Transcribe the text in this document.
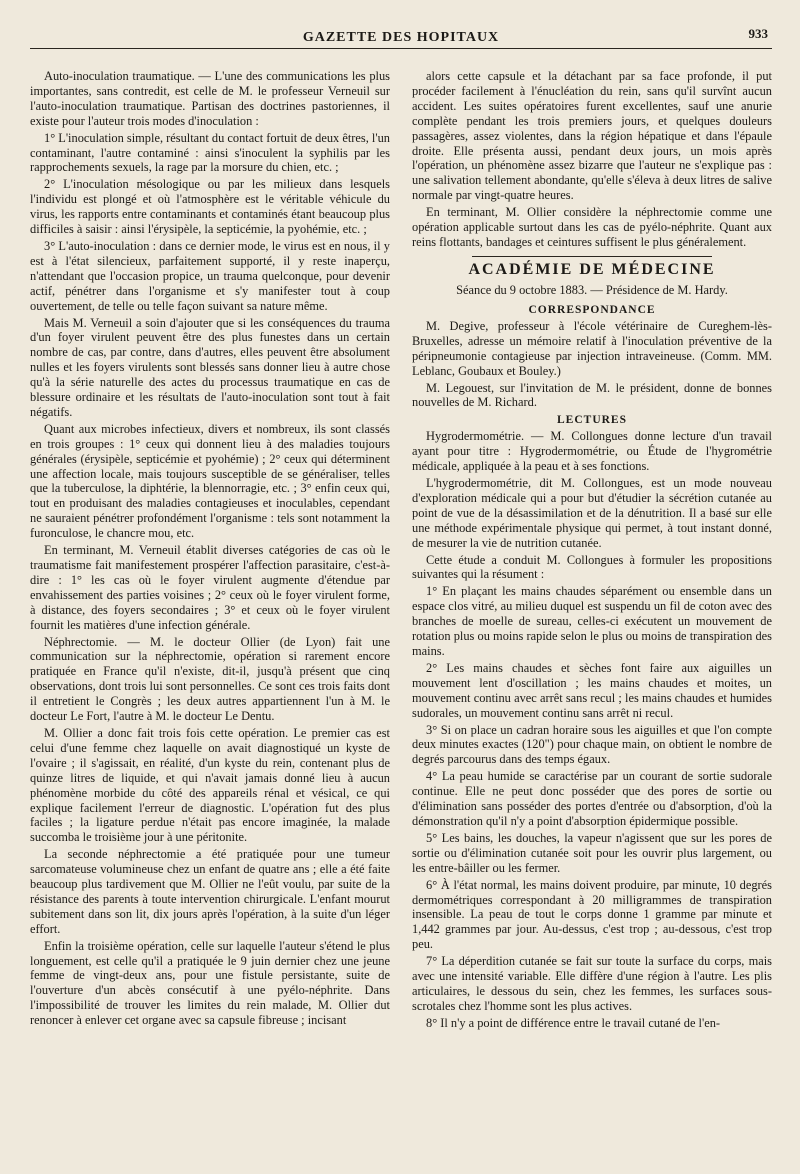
GAZETTE DES HOPITAUX	933

Auto-inoculation traumatique. — L'une des communications les plus importantes, sans contredit, est celle de M. le professeur Verneuil sur l'auto-inoculation traumatique. Partisan des doctrines pastoriennes, il existe pour l'auteur trois modes d'inoculation :

1° L'inoculation simple, résultant du contact fortuit de deux êtres, l'un contaminant, l'autre contaminé : ainsi s'inoculent la syphilis par les rapprochements sexuels, la rage par la morsure du chien, etc. ;

2° L'inoculation mésologique ou par les milieux dans lesquels l'individu est plongé et où l'atmosphère est le véritable véhicule du virus, les rapports entre contaminants et contaminés étant beaucoup plus difficiles à saisir : ainsi l'érysipèle, la septicémie, la pyohémie, etc. ;

3° L'auto-inoculation : dans ce dernier mode, le virus est en nous, il y est à l'état silencieux, parfaitement supporté, il y reste inaperçu, n'attendant que l'occasion propice, un trauma quelconque, pour devenir actif, pénétrer dans l'organisme et s'y manifester tout à coup ouvertement, de telle ou telle façon suivant sa nature même.

Mais M. Verneuil a soin d'ajouter que si les conséquences du trauma d'un foyer virulent peuvent être des plus funestes dans un certain nombre de cas, par contre, dans d'autres, elles peuvent être absolument nulles et les foyers virulents sont blessés sans donner lieu à autre chose qu'à la série naturelle des actes du processus traumatique en cas de blessure ordinaire et les résultats de l'auto-inoculation sont tout à fait négatifs.

Quant aux microbes infectieux, divers et nombreux, ils sont classés en trois groupes : 1° ceux qui donnent lieu à des maladies toujours générales (érysipèle, septicémie et pyohémie) ; 2° ceux qui déterminent une affection locale, mais toujours susceptible de se généraliser, telles que la tuberculose, la diphtérie, la blennorragie, etc. ; 3° enfin ceux qui, tout en produisant des maladies contagieuses et inoculables, cependant ne sauraient pénétrer profondément l'organisme : tels sont notamment la furonculose, le chancre mou, etc.

En terminant, M. Verneuil établit diverses catégories de cas où le traumatisme fait manifestement prospérer l'affection parasitaire, c'est-à-dire : 1° les cas où le foyer virulent augmente d'étendue par envahissement des parties voisines ; 2° ceux où le foyer virulent forme, à distance, des foyers secondaires ; 3° et ceux où le foyer virulent fournit les matières d'une infection générale.

Néphrectomie. — M. le docteur Ollier (de Lyon) fait une communication sur la néphrectomie, opération si rarement encore pratiquée en France qu'il n'existe, dit-il, jusqu'à présent que cinq observations, dont trois lui sont personnelles. Ce sont ces trois faits dont il entretient le Congrès ; les deux autres appartiennent l'un à M. le docteur Le Fort, l'autre à M. le docteur Le Dentu.

M. Ollier a donc fait trois fois cette opération. Le premier cas est celui d'une femme chez laquelle on avait diagnostiqué un kyste de l'ovaire ; il s'agissait, en réalité, d'un kyste du rein, contenant plus de quinze litres de liquide, et qui n'avait jamais donné lieu à aucun phénomène morbide du côté des appareils rénal et vésical, ce qui explique facilement l'erreur de diagnostic. L'opération fut des plus faciles ; la ligature perdue n'était pas encore imaginée, la malade succomba le troisième jour à une péritonite.

La seconde néphrectomie a été pratiquée pour une tumeur sarcomateuse volumineuse chez un enfant de quatre ans ; elle a été faite beaucoup plus tardivement que M. Ollier ne l'eût voulu, par suite de la résistance des parents à toute intervention chirurgicale. L'enfant mourut subitement dans son lit, dix jours après l'opération, à la suite d'un léger effort.

Enfin la troisième opération, celle sur laquelle l'auteur s'étend le plus longuement, est celle qu'il a pratiquée le 9 juin dernier chez une jeune femme de vingt-deux ans, pour une fistule persistante, suite de l'ouverture d'un abcès consécutif à une pyélo-néphrite. Dans l'impossibilité de trouver les limites du rein malade, M. Ollier dut renoncer à enlever cet organe avec sa capsule fibreuse ; incisant

alors cette capsule et la détachant par sa face profonde, il put procéder facilement à l'énucléation du rein, sans qu'il survînt aucun accident. Les suites opératoires furent excellentes, sauf une anurie complète pendant les trois premiers jours, et quelques douleurs passagères, assez violentes, dans la région hépatique et dans l'épaule droite. Elle présenta aussi, pendant deux jours, un mois après l'opération, un phénomène assez bizarre que l'auteur ne s'explique pas : une salivation tellement abondante, qu'elle s'éleva à deux litres de salive normale par vingt-quatre heures.

En terminant, M. Ollier considère la néphrectomie comme une opération applicable surtout dans les cas de pyélo-néphrite. Quant aux reins flottants, bandages et ceintures suffisent le plus généralement.

ACADÉMIE DE MÉDECINE
Séance du 9 octobre 1883. — Présidence de M. Hardy.
CORRESPONDANCE

M. Degive, professeur à l'école vétérinaire de Cureghem-lès-Bruxelles, adresse un mémoire relatif à l'inoculation préventive de la péripneumonie contagieuse par injection intraveineuse. (Comm. MM. Leblanc, Goubaux et Bouley.)

M. Legouest, sur l'invitation de M. le président, donne de bonnes nouvelles de M. Richard.

LECTURES

Hygrodermométrie. — M. Collongues donne lecture d'un travail ayant pour titre : Hygrodermométrie, ou Étude de l'hygrométrie médicale, appliquée à la peau et à ses fonctions.

L'hygrodermométrie, dit M. Collongues, est un mode nouveau d'exploration médicale qui a pour but d'étudier la sécrétion cutanée au point de vue de la désassimilation et de la dénutrition. Il a basé sur elle une méthode expérimentale physique qui permet, à tout instant donné, de mesurer la vie de nutrition cutanée.

Cette étude a conduit M. Collongues à formuler les propositions suivantes qui la résument :

1° En plaçant les mains chaudes séparément ou ensemble dans un espace clos vitré, au milieu duquel est suspendu un fil de coton avec des branches de moelle de sureau, celles-ci exécutent un mouvement de rotation plus ou moins rapide selon le plus ou moins de transpiration des mains.

2° Les mains chaudes et sèches font faire aux aiguilles un mouvement lent d'oscillation ; les mains chaudes et moites, un mouvement continu avec arrêt sans recul ; les mains chaudes et humides sudorales, un mouvement continu sans arrêt ni recul.

3° Si on place un cadran horaire sous les aiguilles et que l'on compte deux minutes exactes (120") pour chaque main, on obtient le nombre de degrés parcourus dans des temps égaux.

4° La peau humide se caractérise par un courant de sortie sudorale continue. Elle ne peut donc posséder que des pores de sortie ou d'élimination sans posséder des portes d'entrée ou d'absorption, d'où la démonstration qu'il n'y a point d'absorption épidermique possible.

5° Les bains, les douches, la vapeur n'agissent que sur les pores de sortie ou d'élimination cutanée soit pour les ouvrir plus largement, ou les entre-bâiller ou les fermer.

6° À l'état normal, les mains doivent produire, par minute, 10 degrés dermométriques correspondant à 20 milligrammes de transpiration insensible. La peau de tout le corps donne 1 gramme par minute et 1,442 grammes par jour. Au-dessus, c'est trop ; au-dessous, c'est trop peu.

7° La déperdition cutanée se fait sur toute la surface du corps, mais avec une intensité variable. Elle diffère d'une région à l'autre. Les plis articulaires, le dessous du sein, chez les femmes, les surfaces sous-scrotales chez l'homme sont les plus actives.

8° Il n'y a point de différence entre le travail cutané de l'en-
